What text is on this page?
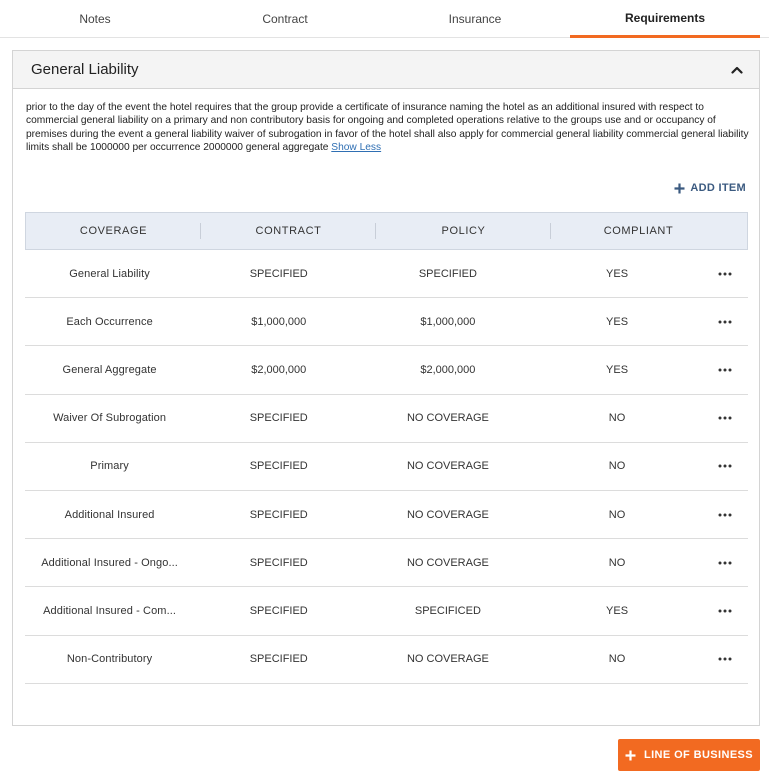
Notes	Contract	Insurance	Requirements
General Liability
prior to the day of the event the hotel requires that the group provide a certificate of insurance naming the hotel as an additional insured with respect to commercial general liability on a primary and non contributory basis for ongoing and completed operations relative to the groups use and or occupancy of premises during the event a general liability waiver of subrogation in favor of the hotel shall also apply for commercial general liability commercial general liability limits shall be 1000000 per occurrence 2000000 general aggregate Show Less
ADD ITEM
COVERAGE	CONTRACT	POLICY	COMPLIANT
General Liability	SPECIFIED	SPECIFIED	YES
Each Occurrence	$1,000,000	$1,000,000	YES
General Aggregate	$2,000,000	$2,000,000	YES
Waiver Of Subrogation	SPECIFIED	NO COVERAGE	NO
Primary	SPECIFIED	NO COVERAGE	NO
Additional Insured	SPECIFIED	NO COVERAGE	NO
Additional Insured - Ongo...	SPECIFIED	NO COVERAGE	NO
Additional Insured - Com...	SPECIFIED	SPECIFICED	YES
Non-Contributory	SPECIFIED	NO COVERAGE	NO
LINE OF BUSINESS
